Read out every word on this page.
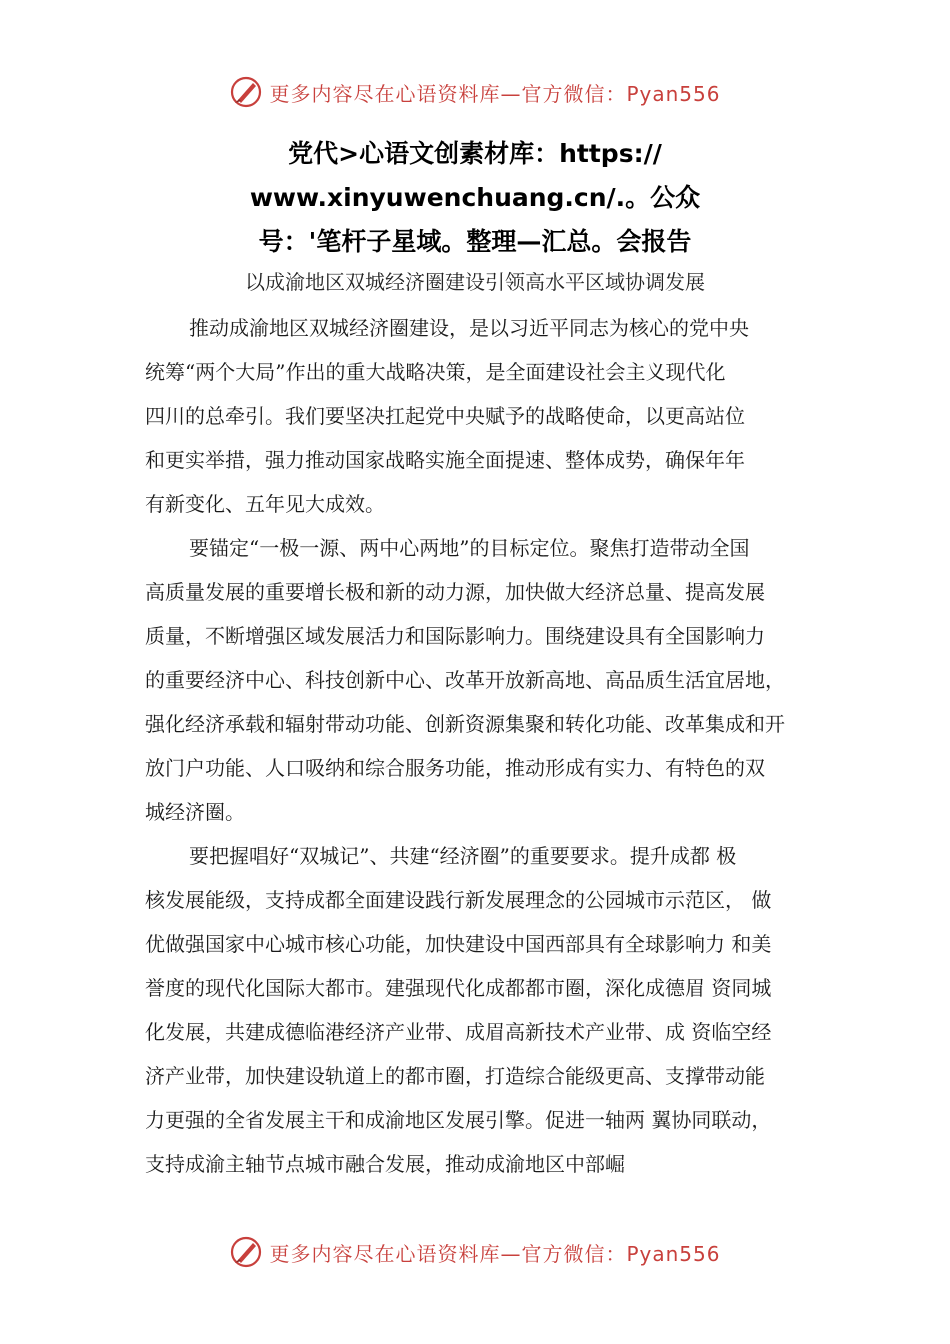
更多内容尽在心语资料库—官方微信：Pyan556
党代>心语文创素材库：https://
www.xinyuwenchuang.cn/.。公众
号：'笔杆子星域。整理—汇总。会报告
以成渝地区双城经济圈建设引领高水平区域协调发展

推动成渝地区双城经济圈建设，是以习近平同志为核心的党中央
统筹“两个大局”作出的重大战略决策，是全面建设社会主义现代化
四川的总牵引。我们要坚决扛起党中央赋予的战略使命，以更高站位
和更实举措，强力推动国家战略实施全面提速、整体成势，确保年年
有新变化、五年见大成效。

要锚定“一极一源、两中心两地”的目标定位。聚焦打造带动全国
高质量发展的重要增长极和新的动力源，加快做大经济总量、提高发展
质量，不断增强区域发展活力和国际影响力。围绕建设具有全国影响力
的重要经济中心、科技创新中心、改革开放新高地、高品质生活宜居地，
强化经济承载和辐射带动功能、创新资源集聚和转化功能、改革集成和开
放门户功能、人口吸纳和综合服务功能，推动形成有实力、有特色的双
城经济圈。

要把握唱好“双城记”、共建“经济圈”的重要要求。提升成都 极
核发展能级，支持成都全面建设践行新发展理念的公园城市示范区， 做
优做强国家中心城市核心功能，加快建设中国西部具有全球影响力 和美
誉度的现代化国际大都市。建强现代化成都都市圈，深化成德眉 资同城
化发展，共建成德临港经济产业带、成眉高新技术产业带、成 资临空经
济产业带，加快建设轨道上的都市圈，打造综合能级更高、支撑带动能
力更强的全省发展主干和成渝地区发展引擎。促进一轴两 翼协同联动，
支持成渝主轴节点城市融合发展，推动成渝地区中部崛

更多内容尽在心语资料库—官方微信：Pyan556
